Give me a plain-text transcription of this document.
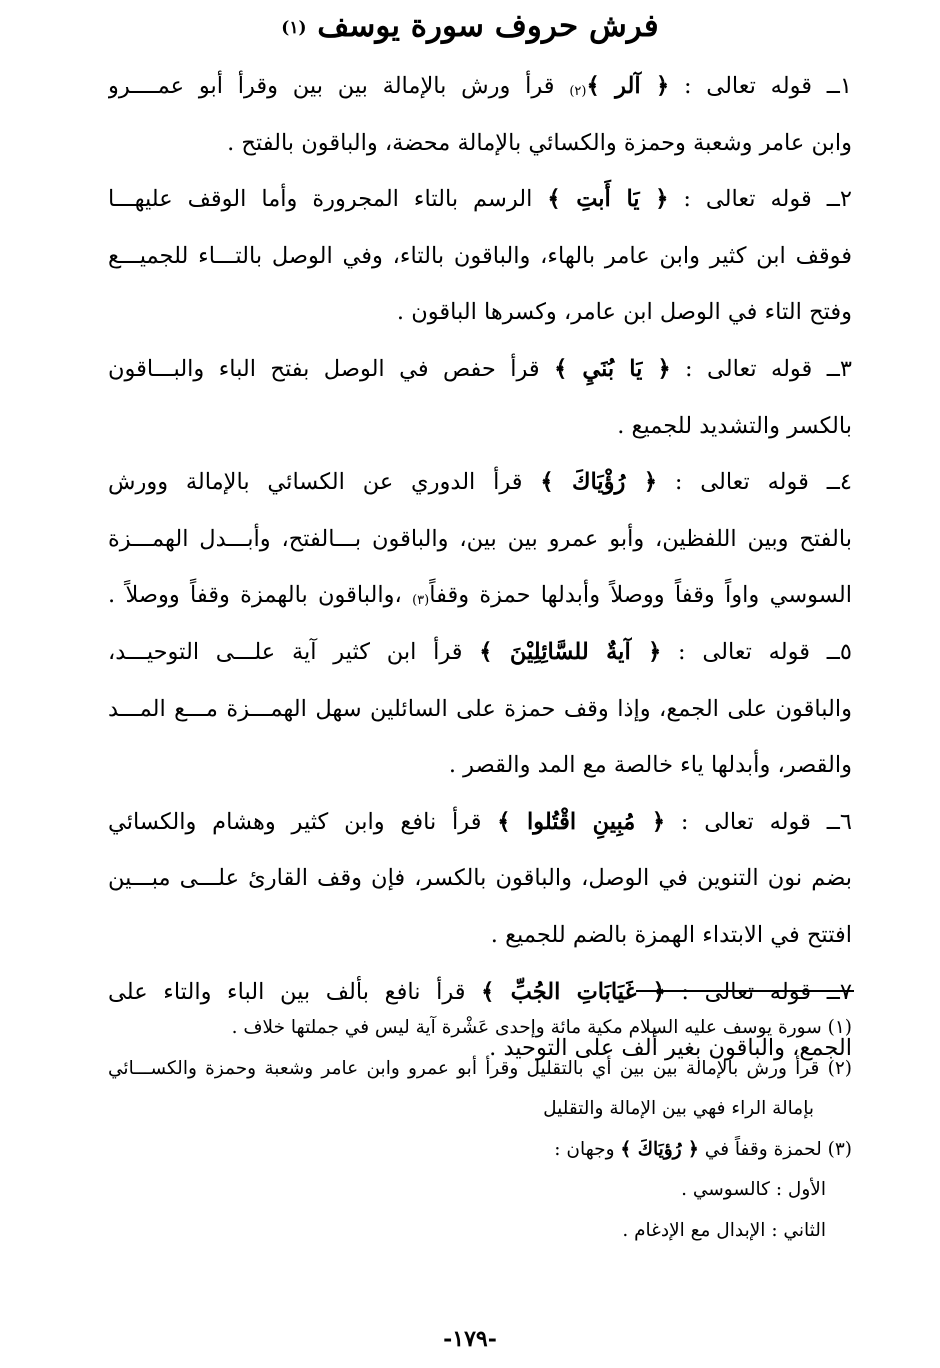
فرش حروف سورة يوسف $^{(١)}$
١ــ قوله تعالى : ﴿ آلر ﴾$^{(٢)}$ قرأ ورش بالإمالة بين بين وقرأ أبو عمــــرو
وابن عامر وشعبة وحمزة والكسائي بالإمالة محضة، والباقون بالفتح .
٢ــ قوله تعالى : ﴿ يَا أَبتِ ﴾ الرسم بالتاء المجرورة وأما الوقف عليهـــا
فوقف ابن كثير وابن عامر بالهاء، والباقون بالتاء، وفي الوصل بالتـــاء للجميـــع
وفتح التاء في الوصل ابن عامر، وكسرها الباقون .
٣ــ قوله تعالى : ﴿ يَا بُنَيِ ﴾ قرأ حفص في الوصل بفتح الباء والبـــاقون
بالكسر والتشديد للجميع .
٤ــ قوله تعالى : ﴿ رُؤْيَاكَ ﴾ قرأ الدوري عن الكسائي بالإمالة وورش
بالفتح وبين اللفظين، وأبو عمرو بين بين، والباقون بـــالفتح، وأبـــدل الهمـــزة
السوسي واواً وقفاً ووصلاً وأبدلها حمزة وقفاً$^{(٣)}$ ،والباقون بالهمزة وقفاً ووصلاً .
٥ــ قوله تعالى : ﴿ آيةٌ للسَّائِلِيْنَ ﴾ قرأ ابن كثير آية علـــى التوحيـــد،
والباقون على الجمع، وإذا وقف حمزة على السائلين سهل الهمـــزة مـــع المـــد
والقصر، وأبدلها ياء خالصة مع المد والقصر .
٦ــ قوله تعالى : ﴿ مُبِينِ اقْتُلوا ﴾ قرأ نافع وابن كثير وهشام والكسائي
بضم نون التنوين في الوصل، والباقون بالكسر، فإن وقف القارئ علـــى مبـــين
افتتح في الابتداء الهمزة بالضم للجميع .
٧ــ قوله تعالى : ﴿ غَيَابَاتِ الجُبِّ ﴾ قرأ نافع بألف بين الباء والتاء على
الجمع، والباقون بغير ألف على التوحيد .
(١) سورة يوسف عليه السلام مكية مائة وإحدى عَشْرة آية ليس في جملتها خلاف .
(٢) قرأ ورش بالإمالة بين بين أي بالتقليل وقرأ أبو عمرو وابن عامر وشعبة وحمزة والكســـائي
بإمالة الراء فهي بين الإمالة والتقليل
(٣) لحمزة وقفاً في ﴿ رُؤيَاكَ ﴾ وجهان :
الأول : كالسوسي .
الثاني : الإبدال مع الإدغام .
-١٧٩-
